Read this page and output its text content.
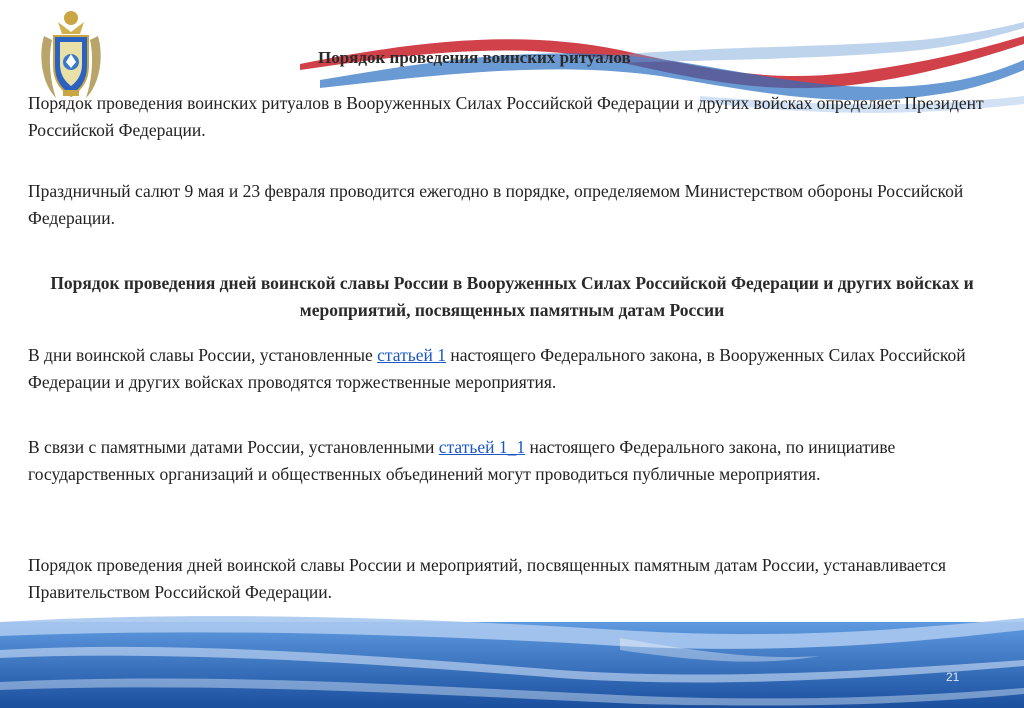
Порядок проведения воинских ритуалов
Порядок проведения воинских ритуалов в Вооруженных Силах Российской Федерации и других войсках определяет Президент Российской Федерации.
Праздничный салют 9 мая и 23 февраля проводится ежегодно в порядке, определяемом Министерством обороны Российской Федерации.
Порядок проведения дней воинской славы России в Вооруженных Силах Российской Федерации и других войсках и мероприятий, посвященных памятным датам России
В дни воинской славы России, установленные статьей 1 настоящего Федерального закона, в Вооруженных Силах Российской Федерации и других войсках проводятся торжественные мероприятия.
В связи с памятными датами России, установленными статьей 1_1 настоящего Федерального закона, по инициативе государственных организаций и общественных объединений могут проводиться публичные мероприятия.
Порядок проведения дней воинской славы России и мероприятий, посвященных памятным датам России, устанавливается Правительством Российской Федерации.
21
